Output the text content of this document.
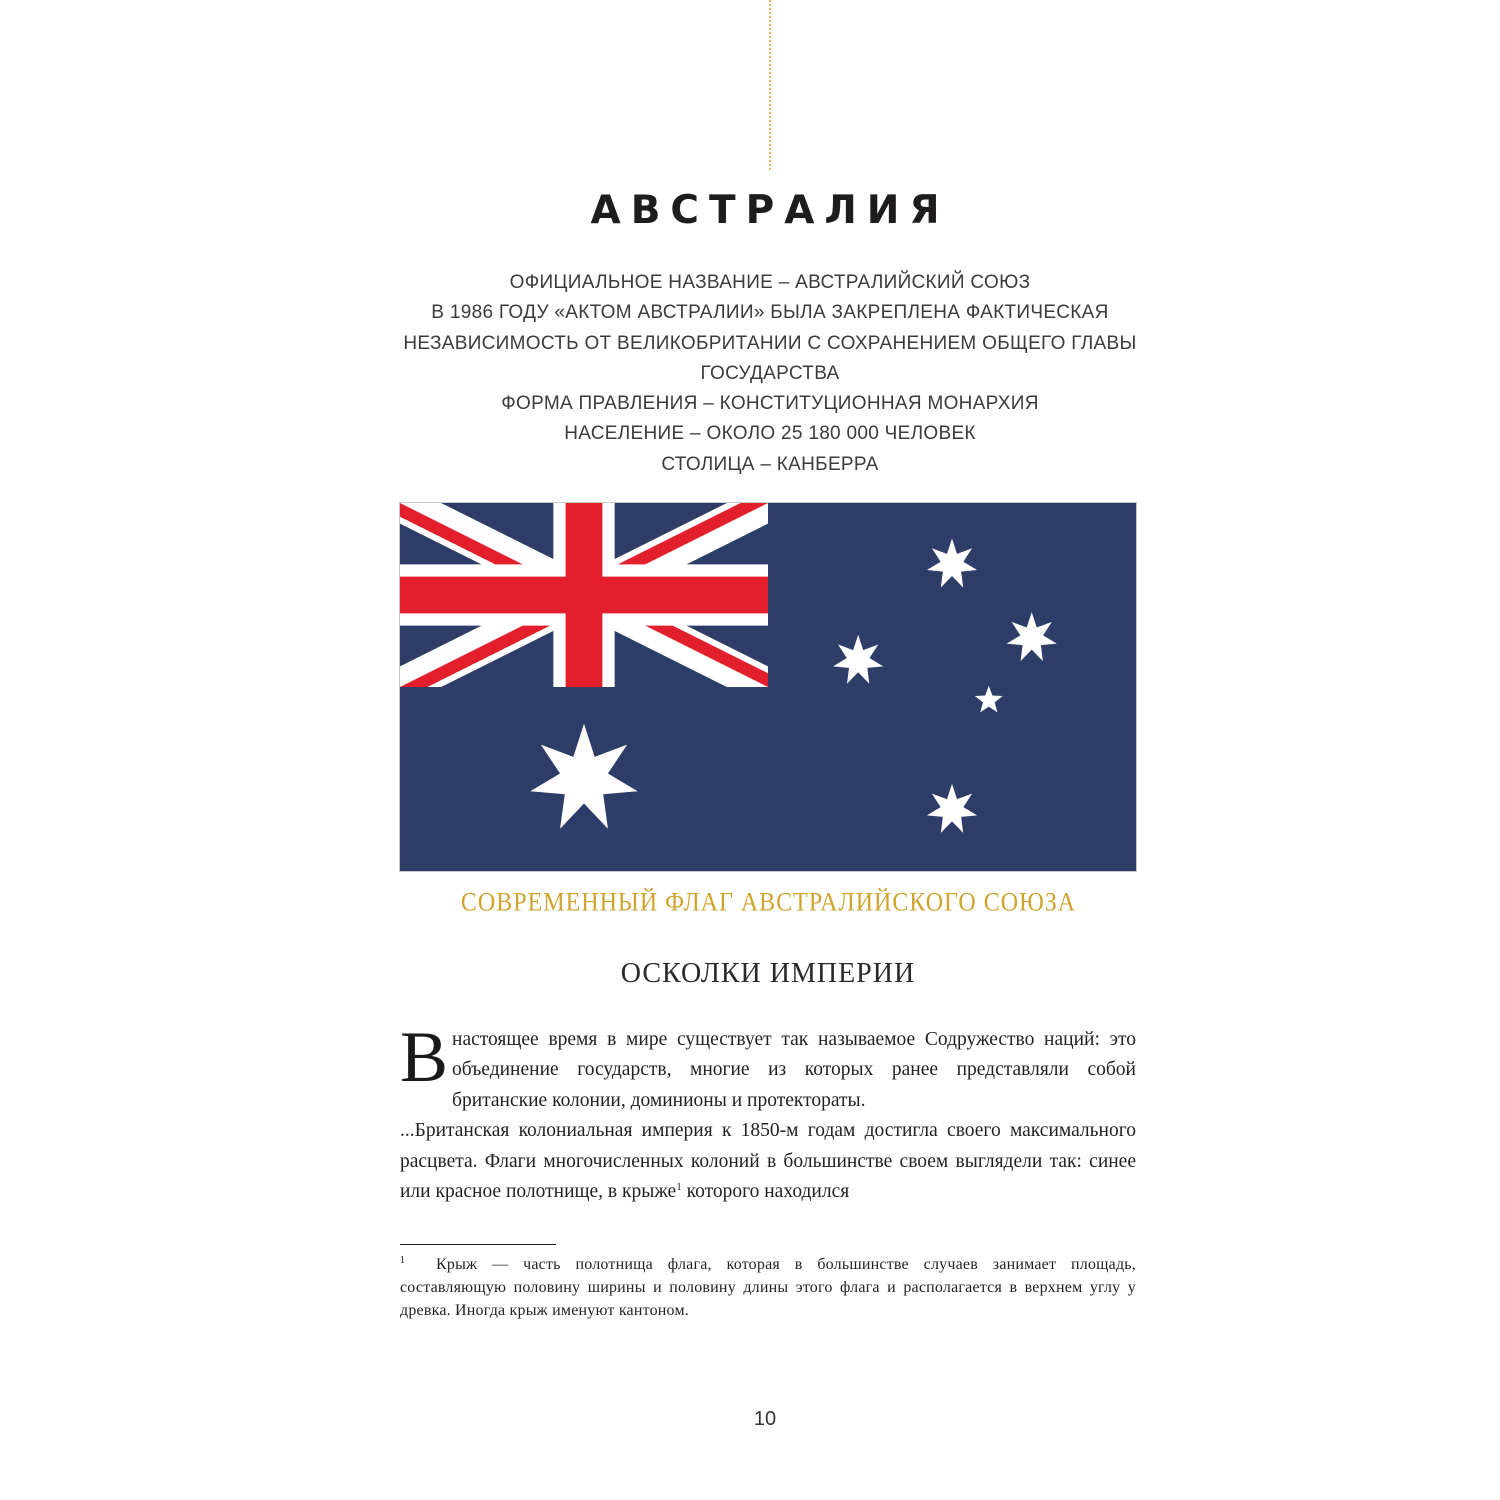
АВСТРАЛИЯ
ОФИЦИАЛЬНОЕ НАЗВАНИЕ – АВСТРАЛИЙСКИЙ СОЮЗ
В 1986 ГОДУ «АКТОМ АВСТРАЛИИ» БЫЛА ЗАКРЕПЛЕНА ФАКТИЧЕСКАЯ
НЕЗАВИСИМОСТЬ ОТ ВЕЛИКОБРИТАНИИ С СОХРАНЕНИЕМ ОБЩЕГО ГЛАВЫ
ГОСУДАРСТВА
ФОРМА ПРАВЛЕНИЯ – КОНСТИТУЦИОННАЯ МОНАРХИЯ
НАСЕЛЕНИЕ – ОКОЛО 25 180 000 ЧЕЛОВЕК
СТОЛИЦА – КАНБЕРРА
СОВРЕМЕННЫЙ ФЛАГ АВСТРАЛИЙСКОГО СОЮЗА
ОСКОЛКИ ИМПЕРИИ

В настоящее время в мире существует так называемое Содружество наций: это объединение государств, многие из которых ранее представляли собой британские колонии, доминионы и протектораты.

...Британская колониальная империя к 1850-м годам достигла своего максимального расцвета. Флаги многочисленных колоний в большинстве своем выглядели так: синее или красное полотнище, в крыже$^1$ которого находился

1 Крыж — часть полотнища флага, которая в большинстве случаев занимает площадь, составляющую половину ширины и половину длины этого флага и располагается в верхнем углу у древка. Иногда крыж именуют кантоном.
10
